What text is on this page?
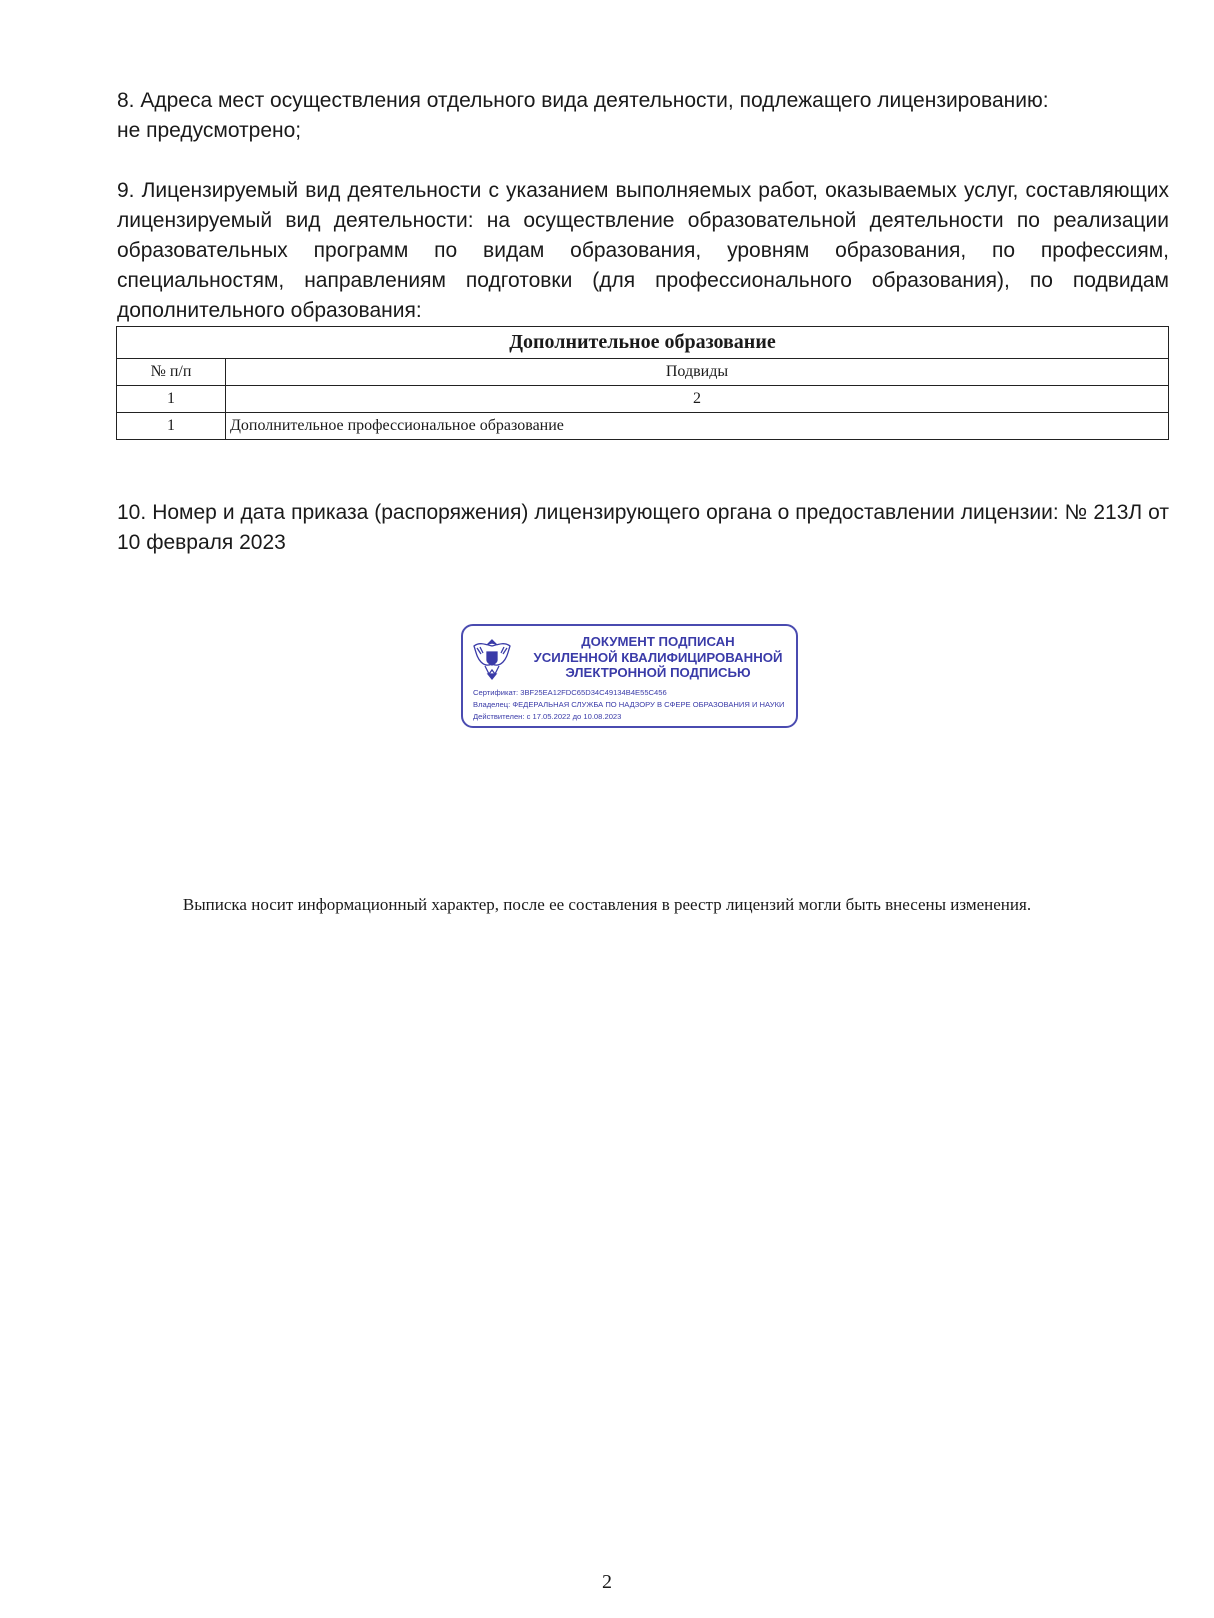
8. Адреса мест осуществления отдельного вида деятельности, подлежащего лицензированию:
не предусмотрено;
9. Лицензируемый вид деятельности с указанием выполняемых работ, оказываемых услуг, составляющих лицензируемый вид деятельности: на осуществление образовательной деятельности по реализации образовательных программ по видам образования, уровням образования, по профессиям, специальностям, направлениям подготовки (для профессионального образования), по подвидам дополнительного образования:
Дополнительное образование	
№ п/п	Подвиды
1	2
1	Дополнительное профессиональное образование
10. Номер и дата приказа (распоряжения) лицензирующего органа о предоставлении лицензии: № 213Л от 10 февраля 2023
ДОКУМЕНТ ПОДПИСАН
УСИЛЕННОЙ КВАЛИФИЦИРОВАННОЙ
ЭЛЕКТРОННОЙ ПОДПИСЬЮ
Сертификат: 3BF25EA12FDC65D34C49134B4E55C456
Владелец: ФЕДЕРАЛЬНАЯ СЛУЖБА ПО НАДЗОРУ В СФЕРЕ ОБРАЗОВАНИЯ И НАУКИ
Действителен: с 17.05.2022 до 10.08.2023
Выписка носит информационный характер, после ее составления в реестр лицензий могли быть внесены изменения.
2
